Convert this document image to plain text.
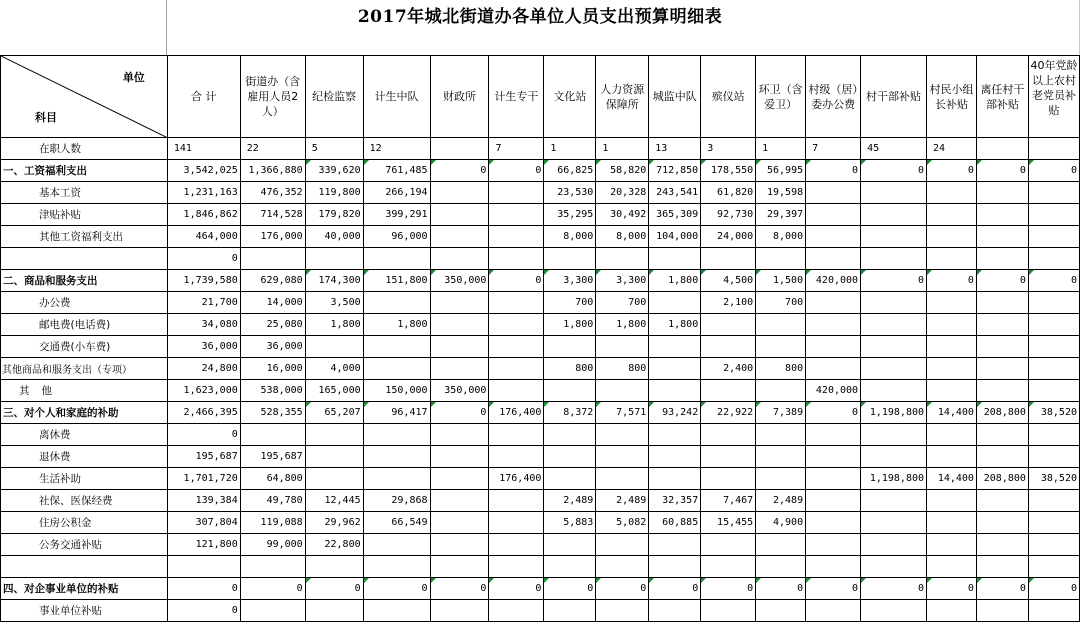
2017年城北街道办各单位人员支出预算明细表
单位
科目	合 计	街道办（含雇用人员2人）	纪检监察	计生中队	财政所	计生专干	文化站	人力资源保障所	城监中队	殡仪站	环卫（含爱卫）	村级（居）委办公费	村干部补贴	村民小组长补贴	离任村干部补贴	40年党龄以上农村老党员补贴
在职人数	141	22	5	12		7	1	1	13	3	1	7	45	24		
一、工资福利支出	3,542,025	1,366,880	339,620	761,485	0	0	66,825	58,820	712,850	178,550	56,995	0	0	0	0	0
基本工资	1,231,163	476,352	119,800	266,194			23,530	20,328	243,541	61,820	19,598					
津贴补贴	1,846,862	714,528	179,820	399,291			35,295	30,492	365,309	92,730	29,397					
其他工资福利支出	464,000	176,000	40,000	96,000			8,000	8,000	104,000	24,000	8,000					
	0															
二、商品和服务支出	1,739,580	629,080	174,300	151,800	350,000	0	3,300	3,300	1,800	4,500	1,500	420,000	0	0	0	0
办公费	21,700	14,000	3,500				700	700		2,100	700					
邮电费(电话费)	34,080	25,080	1,800	1,800			1,800	1,800	1,800							
交通费(小车费)	36,000	36,000														
其他商品和服务支出（专项）	24,800	16,000	4,000				800	800		2,400	800					
其他	1,623,000	538,000	165,000	150,000	350,000							420,000				
三、对个人和家庭的补助	2,466,395	528,355	65,207	96,417	0	176,400	8,372	7,571	93,242	22,922	7,389	0	1,198,800	14,400	208,800	38,520
离休费	0															
退休费	195,687	195,687														
生活补助	1,701,720	64,800				176,400							1,198,800	14,400	208,800	38,520
社保、医保经费	139,384	49,780	12,445	29,868			2,489	2,489	32,357	7,467	2,489					
住房公积金	307,804	119,088	29,962	66,549			5,883	5,082	60,885	15,455	4,900					
公务交通补贴	121,800	99,000	22,800													

四、对企事业单位的补贴	0	0	0	0	0	0	0	0	0	0	0	0	0	0	0	0
事业单位补贴	0															
